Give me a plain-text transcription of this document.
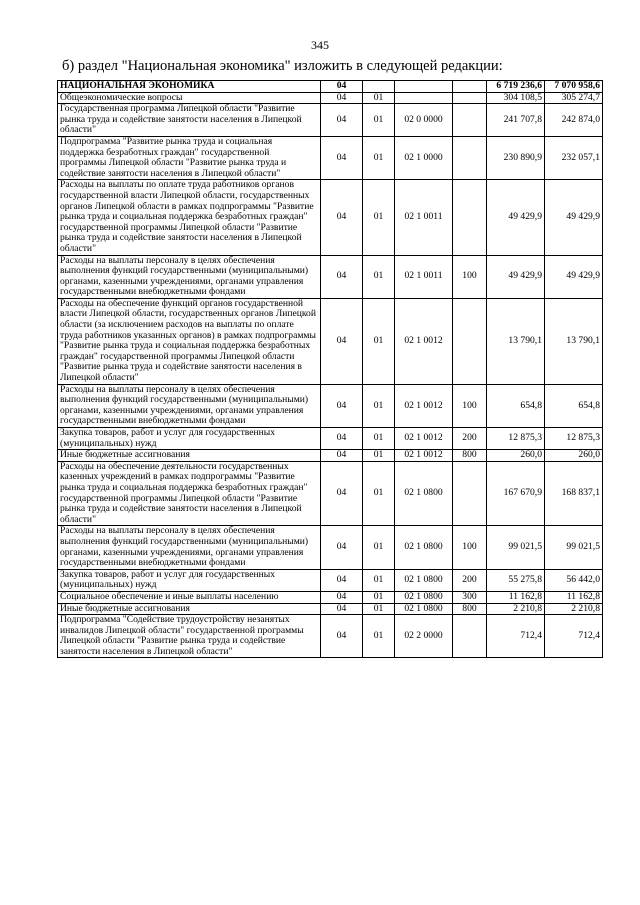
345
б) раздел "Национальная экономика" изложить в следующей редакции:
НАЦИОНАЛЬНАЯ ЭКОНОМИКА	04				6 719 236,6	7 070 958,6
Общеэкономические вопросы	04	01			304 108,5	305 274,7
Государственная программа Липецкой области "Развитие рынка труда и содействие занятости населения в Липецкой области"	04	01	02 0 0000		241 707,8	242 874,0
Подпрограмма "Развитие рынка труда и социальная поддержка безработных граждан" государственной программы Липецкой области "Развитие рынка труда и содействие занятости населения в Липецкой области"	04	01	02 1 0000		230 890,9	232 057,1
Расходы на выплаты по оплате труда работников органов государственной власти Липецкой области, государственных органов Липецкой области в рамках подпрограммы "Развитие рынка труда и социальная поддержка безработных граждан" государственной программы Липецкой области "Развитие рынка труда и содействие занятости населения в Липецкой области"	04	01	02 1 0011		49 429,9	49 429,9
Расходы на выплаты персоналу в целях обеспечения выполнения функций государственными (муниципальными) органами, казенными учреждениями, органами управления государственными внебюджетными фондами	04	01	02 1 0011	100	49 429,9	49 429,9
Расходы на обеспечение функций органов государственной власти Липецкой области, государственных органов Липецкой области (за исключением расходов на выплаты по оплате труда работников указанных органов) в рамках подпрограммы "Развитие рынка труда и социальная поддержка безработных граждан" государственной программы Липецкой области "Развитие рынка труда и содействие занятости населения в Липецкой области"	04	01	02 1 0012		13 790,1	13 790,1
Расходы на выплаты персоналу в целях обеспечения выполнения функций государственными (муниципальными) органами, казенными учреждениями, органами управления государственными внебюджетными фондами	04	01	02 1 0012	100	654,8	654,8
Закупка товаров, работ и услуг для государственных (муниципальных) нужд	04	01	02 1 0012	200	12 875,3	12 875,3
Иные бюджетные ассигнования	04	01	02 1 0012	800	260,0	260,0
Расходы на обеспечение деятельности государственных казенных учреждений в рамках подпрограммы "Развитие рынка труда и социальная поддержка безработных граждан" государственной программы Липецкой области "Развитие рынка труда и содействие занятости населения в Липецкой области"	04	01	02 1 0800		167 670,9	168 837,1
Расходы на выплаты персоналу в целях обеспечения выполнения функций государственными (муниципальными) органами, казенными учреждениями, органами управления государственными внебюджетными фондами	04	01	02 1 0800	100	99 021,5	99 021,5
Закупка товаров, работ и услуг для государственных (муниципальных) нужд	04	01	02 1 0800	200	55 275,8	56 442,0
Социальное обеспечение и иные выплаты населению	04	01	02 1 0800	300	11 162,8	11 162,8
Иные бюджетные ассигнования	04	01	02 1 0800	800	2 210,8	2 210,8
Подпрограмма "Содействие трудоустройству незанятых инвалидов Липецкой области" государственной программы Липецкой области "Развитие рынка труда и содействие занятости населения в Липецкой области"	04	01	02 2 0000		712,4	712,4
